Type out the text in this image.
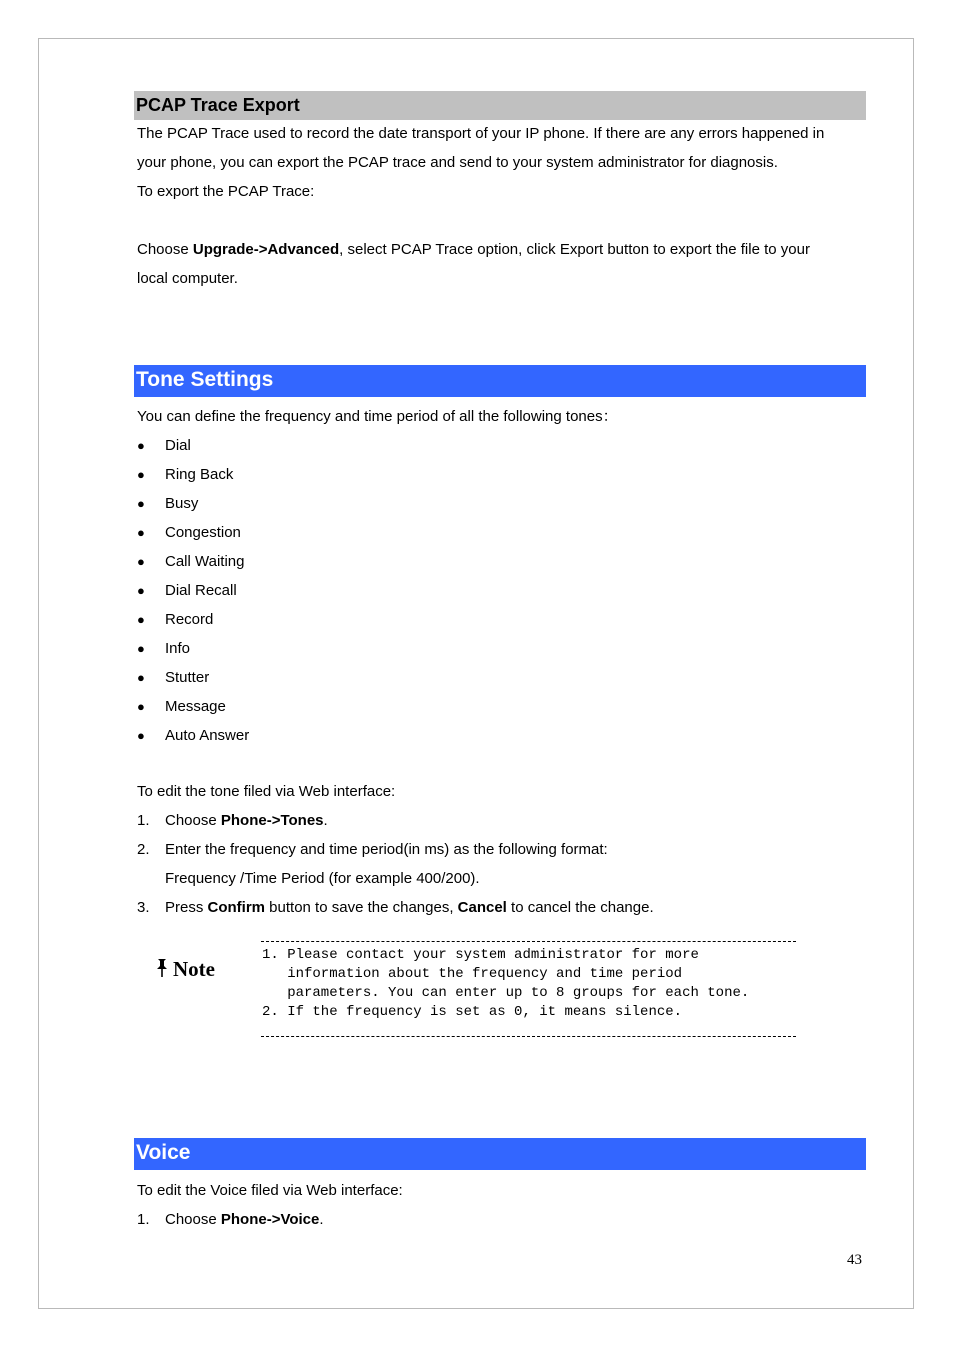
PCAP Trace Export
The PCAP Trace used to record the date transport of your IP phone. If there are any errors happened in
your phone, you can export the PCAP trace and send to your system administrator for diagnosis.
To export the PCAP Trace:
Choose Upgrade->Advanced, select PCAP Trace option, click Export button to export the file to your
local computer.
Tone Settings
You can define the frequency and time period of all the following tones：
● Dial
● Ring Back
● Busy
● Congestion
● Call Waiting
● Dial Recall
● Record
● Info
● Stutter
● Message
● Auto Answer
To edit the tone filed via Web interface:
1. Choose Phone->Tones.
2. Enter the frequency and time period(in ms) as the following format:
Frequency /Time Period (for example 400/200).
3. Press Confirm button to save the changes, Cancel to cancel the change.
Note
1. Please contact your system administrator for more
information about the frequency and time period
parameters. You can enter up to 8 groups for each tone.
2. If the frequency is set as 0, it means silence.
Voice
To edit the Voice filed via Web interface:
1. Choose Phone->Voice.
43
